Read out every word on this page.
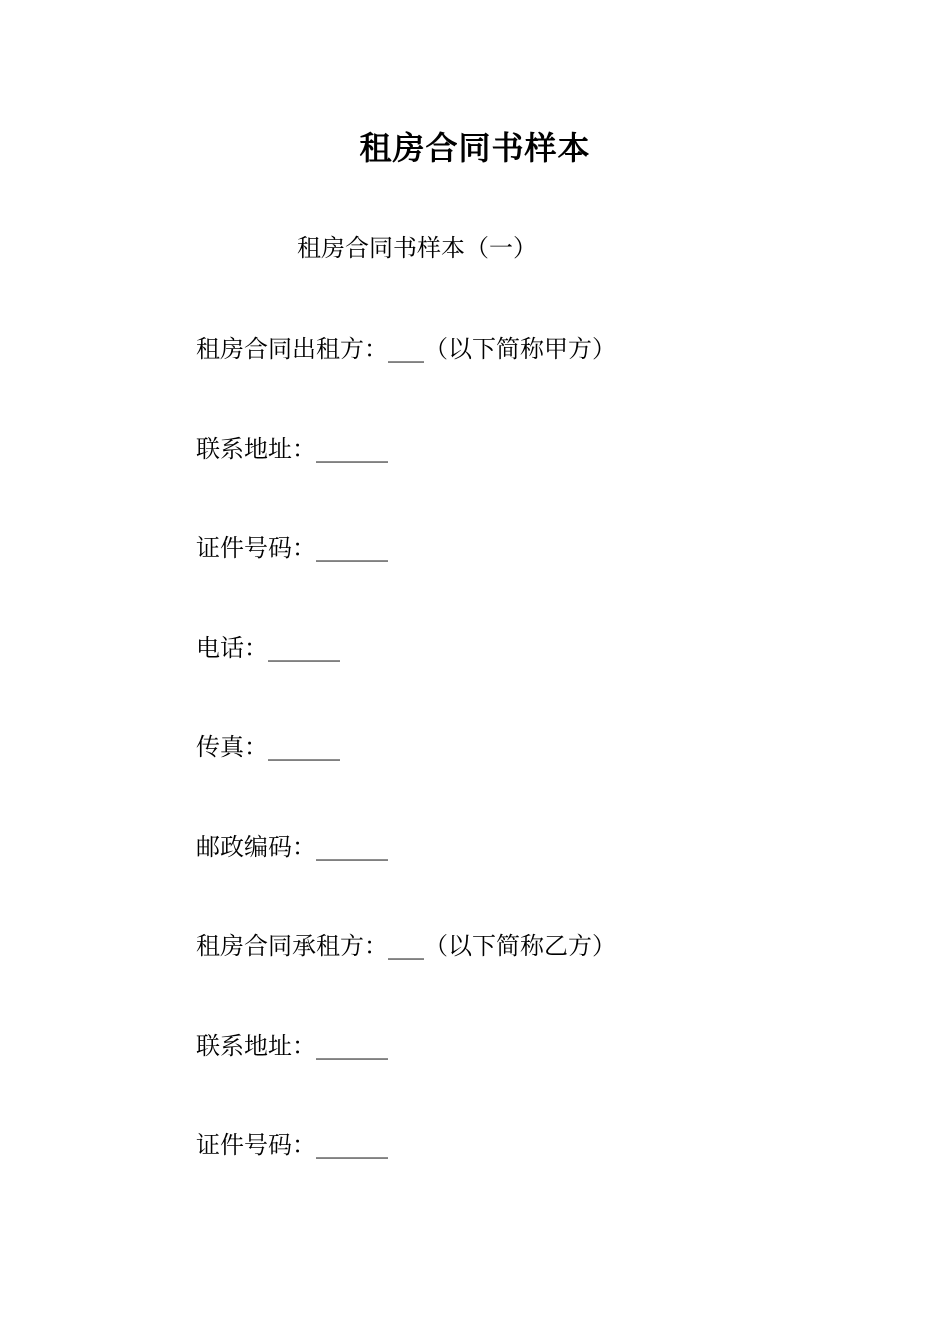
租房合同书样本
租房合同书样本（一）
租房合同出租方：___（以下简称甲方）
联系地址：______
证件号码：______
电话：______
传真：______
邮政编码：______
租房合同承租方：___（以下简称乙方）
联系地址：______
证件号码：______
